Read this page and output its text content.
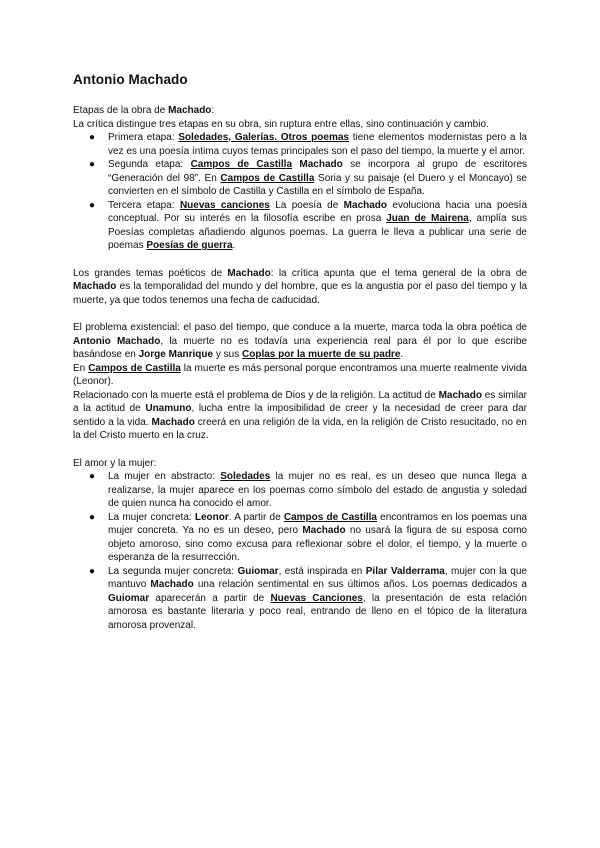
Antonio Machado

Etapas de la obra de Machado:

La crítica distingue tres etapas en su obra, sin ruptura entre ellas, sino continuación y cambio.

● Primera etapa: Soledades, Galerías. Otros poemas tiene elementos modernistas pero a la vez es una poesía íntima cuyos temas principales son el paso del tiempo, la muerte y el amor.
● Segunda etapa: Campos de Castilla Machado se incorpora al grupo de escritores “Generación del 98”. En Campos de Castilla Soria y su paisaje (el Duero y el Moncayo) se convierten en el símbolo de Castilla y Castilla en el símbolo de España.
● Tercera etapa: Nuevas canciones La poesía de Machado evoluciona hacia una poesía conceptual. Por su interés en la filosofía escribe en prosa Juan de Mairena, amplía sus Poesías completas añadiendo algunos poemas. La guerra le lleva a publicar una serie de poemas Poesías de guerra.

Los grandes temas poéticos de Machado: la crítica apunta que el tema general de la obra de Machado es la temporalidad del mundo y del hombre, que es la angustia por el paso del tiempo y la muerte, ya que todos tenemos una fecha de caducidad.

El problema existencial: el paso del tiempo, que conduce a la muerte, marca toda la obra poética de Antonio Machado, la muerte no es todavía una experiencia real para él por lo que escribe basándose en Jorge Manrique y sus Coplas por la muerte de su padre.

En Campos de Castilla la muerte es más personal porque encontramos una muerte realmente vivida (Leonor).

Relacionado con la muerte está el problema de Dios y de la religión. La actitud de Machado es similar a la actitud de Unamuno, lucha entre la imposibilidad de creer y la necesidad de creer para dar sentido a la vida. Machado creerá en una religión de la vida, en la religión de Cristo resucitado, no en la del Cristo muerto en la cruz.

El amor y la mujer:

● La mujer en abstracto: Soledades la mujer no es real, es un deseo que nunca llega a realizarse, la mujer aparece en los poemas como símbolo del estado de angustia y soledad de quien nunca ha conocido el amor.
● La mujer concreta: Leonor. A partir de Campos de Castilla encontramos en los poemas una mujer concreta. Ya no es un deseo, pero Machado no usará la figura de su esposa como objeto amoroso, sino como excusa para reflexionar sobre el dolor, el tiempo, y la muerte o esperanza de la resurrección.
● La segunda mujer concreta: Guiomar, está inspirada en Pilar Valderrama, mujer con la que mantuvo Machado una relación sentimental en sus últimos años. Los poemas dedicados a Guiomar aparecerán a partir de Nuevas Canciones, la presentación de esta relación amorosa es bastante literaria y poco real, entrando de lleno en el tópico de la literatura amorosa provenzal.
